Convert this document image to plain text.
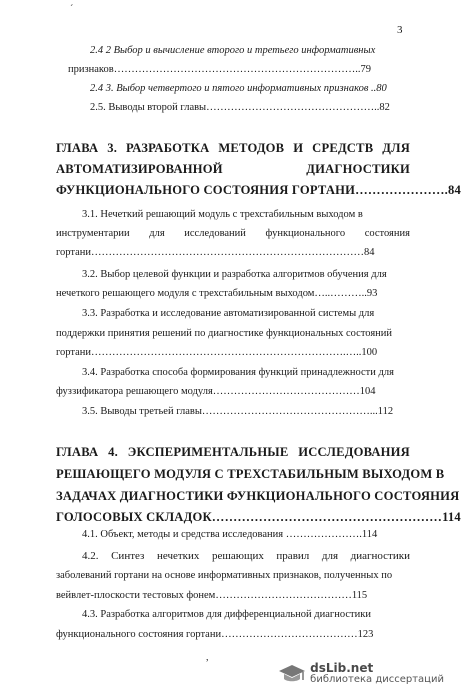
´
3
2.4 2 Выбор и вычисление второго и третьего информативных
признаков……………………………………………………………..79
2.4 3. Выбор четвертого и пятого информативных признаков ..80
2.5. Выводы второй главы…………………………………………..82
ГЛАВА 3. РАЗРАБОТКА МЕТОДОВ И СРЕДСТВ ДЛЯ
АВТОМАТИЗИРОВАННОЙ	ДИАГНОСТИКИ
ФУНКЦИОНАЛЬНОГО СОСТОЯНИЯ ГОРТАНИ………………….84
3.1. Нечеткий решающий модуль с трехстабильным выходом в
инструментарии для исследований функционального состояния
гортани……………………………………………………………………84
3.2. Выбор целевой функции и разработка алгоритмов обучения для
нечеткого решающего модуля с трехстабильным выходом…..………..93
3.3. Разработка и исследование автоматизированной системы для
поддержки принятия решений по диагностике функциональных состояний
гортани……………………………………………………………….…..100
3.4. Разработка способа формирования функций принадлежности для
фуззификатора решающего модуля……………………………………104
3.5. Выводы третьей главы…………………………………………...112
ГЛАВА 4. ЭКСПЕРИМЕНТАЛЬНЫЕ ИССЛЕДОВАНИЯ
РЕШАЮЩЕГО МОДУЛЯ С ТРЕХСТАБИЛЬНЫМ ВЫХОДОМ В
ЗАДАЧАХ ДИАГНОСТИКИ ФУНКЦИОНАЛЬНОГО СОСТОЯНИЯ
ГОЛОСОВЫХ СКЛАДОК………………………………………………114
4.1. Объект, методы и средства исследования ………………….114
4.2. Синтез нечетких решающих правил для диагностики
заболеваний гортани на основе информативных признаков, полученных по
вейвлет-плоскости тестовых фонем…………………………………115
4.3. Разработка алгоритмов для дифференциальной диагностики
функционального состояния гортани…………………………………123
,
dsLib.net
библиотека диссертаций
